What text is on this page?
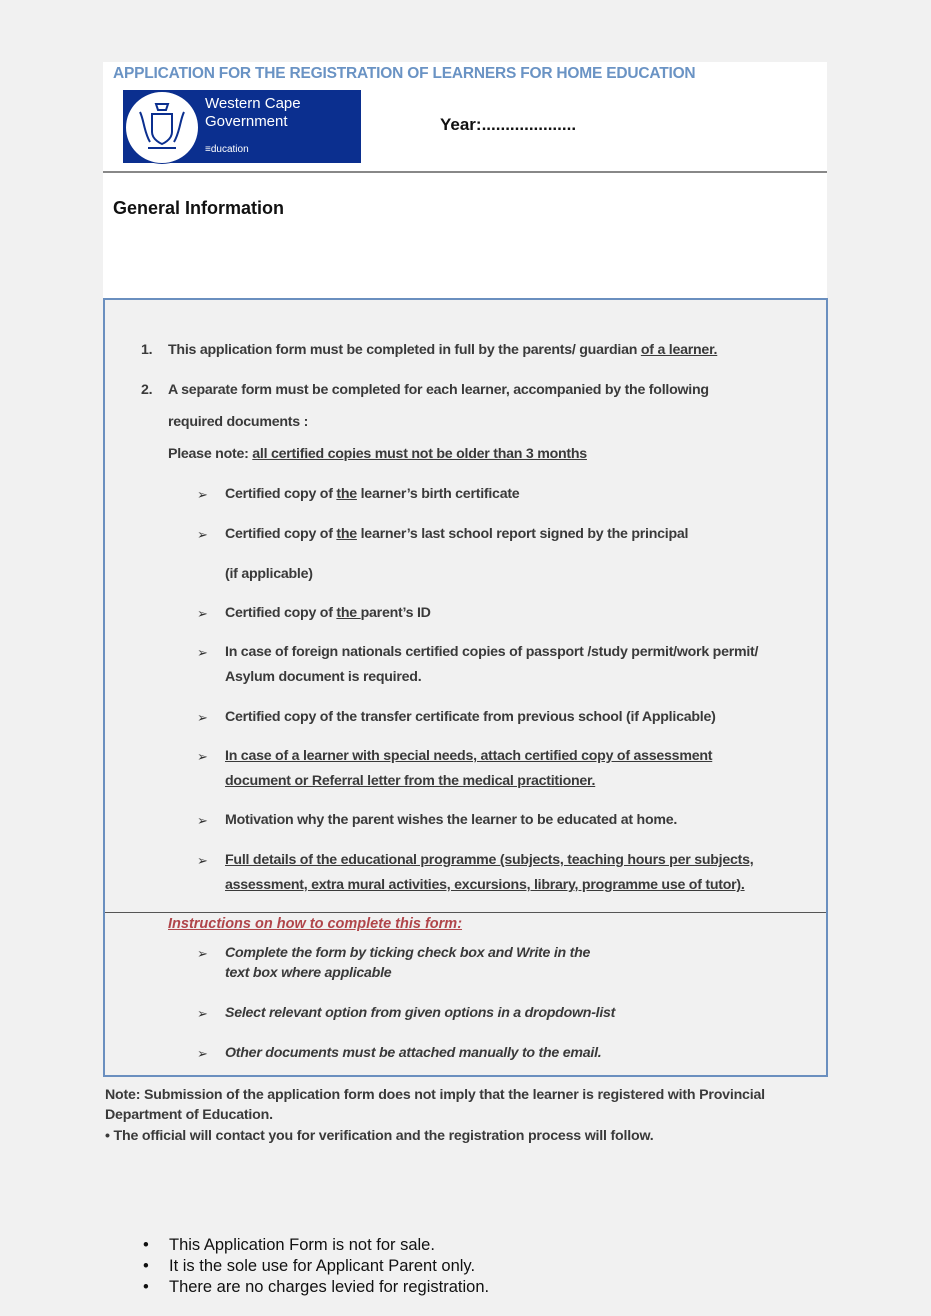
APPLICATION FOR THE REGISTRATION OF LEARNERS FOR HOME EDUCATION
Western Cape
Government
≡ducation
Year:....................
General Information
1. This application form must be completed in full by the parents/ guardian of a learner.
2. A separate form must be completed for each learner, accompanied by the following
required documents :
Please note: all certified copies must not be older than 3 months
➢ Certified copy of the learner’s birth certificate
➢ Certified copy of the learner’s last school report signed by the principal
(if applicable)
➢ Certified copy of the parent’s ID
➢ In case of foreign nationals certified copies of passport /study permit/work permit/
Asylum document is required.
➢ Certified copy of the transfer certificate from previous school (if Applicable)
➢ In case of a learner with special needs, attach certified copy of assessment
document or Referral letter from the medical practitioner.
➢ Motivation why the parent wishes the learner to be educated at home.
➢ Full details of the educational programme (subjects, teaching hours per subjects,
assessment, extra mural activities, excursions, library, programme use of tutor).
➢ Complete the form by ticking check box and Write in the
text box where applicable
➢ Select relevant option from given options in a dropdown-list
➢ Other documents must be attached manually to the email.
Instructions on how to complete this form:
Note: Submission of the application form does not imply that the learner is registered with Provincial
Department of Education.
• The official will contact you for verification and the registration process will follow.
• This Application Form is not for sale.
• It is the sole use for Applicant Parent only.
• There are no charges levied for registration.
